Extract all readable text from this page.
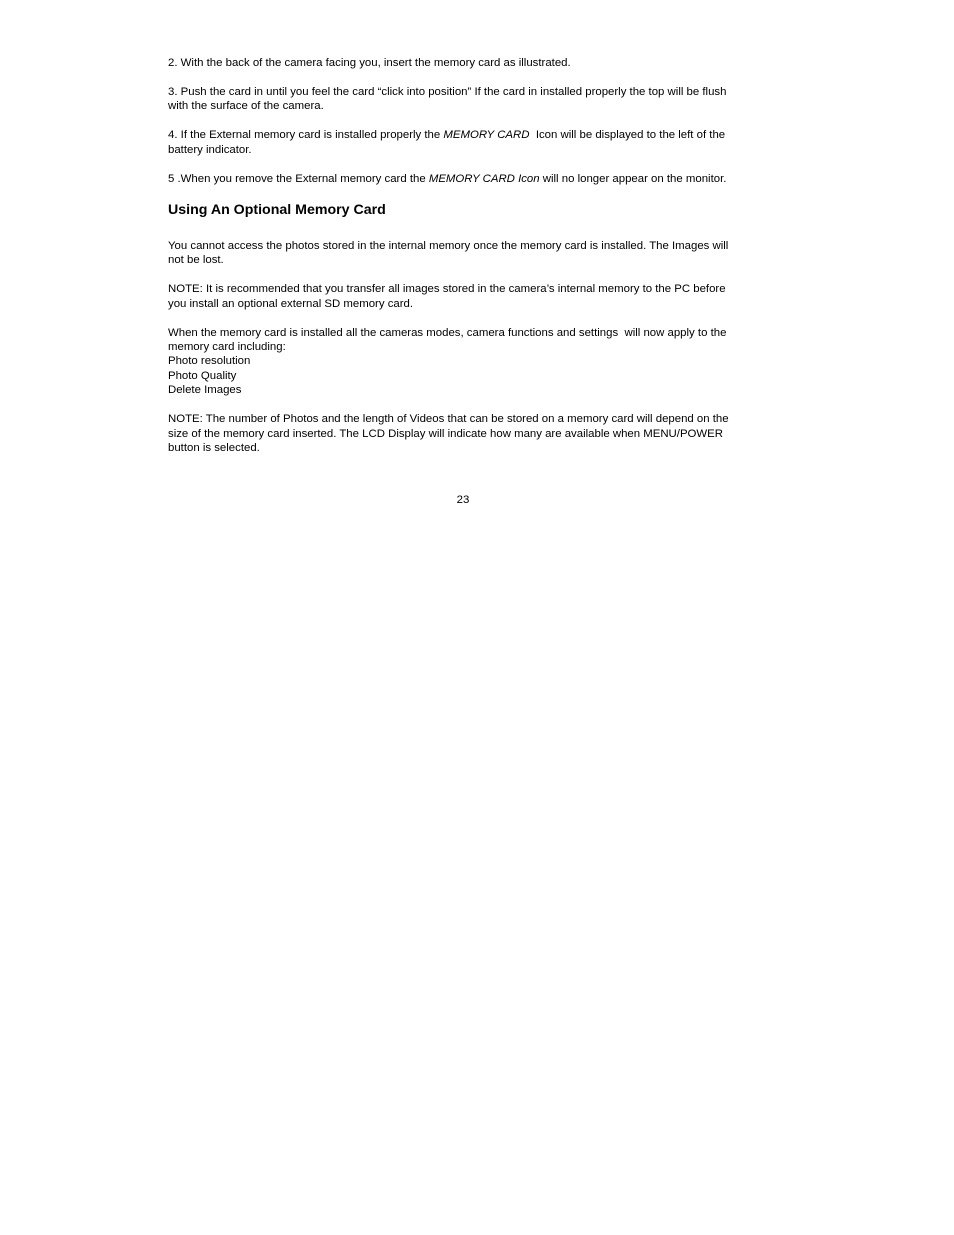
2. With the back of the camera facing you, insert the memory card as illustrated.

3. Push the card in until you feel the card “click into position” If the card in installed properly the top will be flush
with the surface of the camera.

4. If the External memory card is installed properly the MEMORY CARD  Icon will be displayed to the left of the
battery indicator.

5 .When you remove the External memory card the MEMORY CARD Icon will no longer appear on the monitor.

Using An Optional Memory Card

You cannot access the photos stored in the internal memory once the memory card is installed. The Images will
not be lost.

NOTE: It is recommended that you transfer all images stored in the camera’s internal memory to the PC before
you install an optional external SD memory card.

When the memory card is installed all the cameras modes, camera functions and settings  will now apply to the
memory card including:
Photo resolution
Photo Quality
Delete Images

NOTE: The number of Photos and the length of Videos that can be stored on a memory card will depend on the
size of the memory card inserted. The LCD Display will indicate how many are available when MENU/POWER
button is selected.

23
